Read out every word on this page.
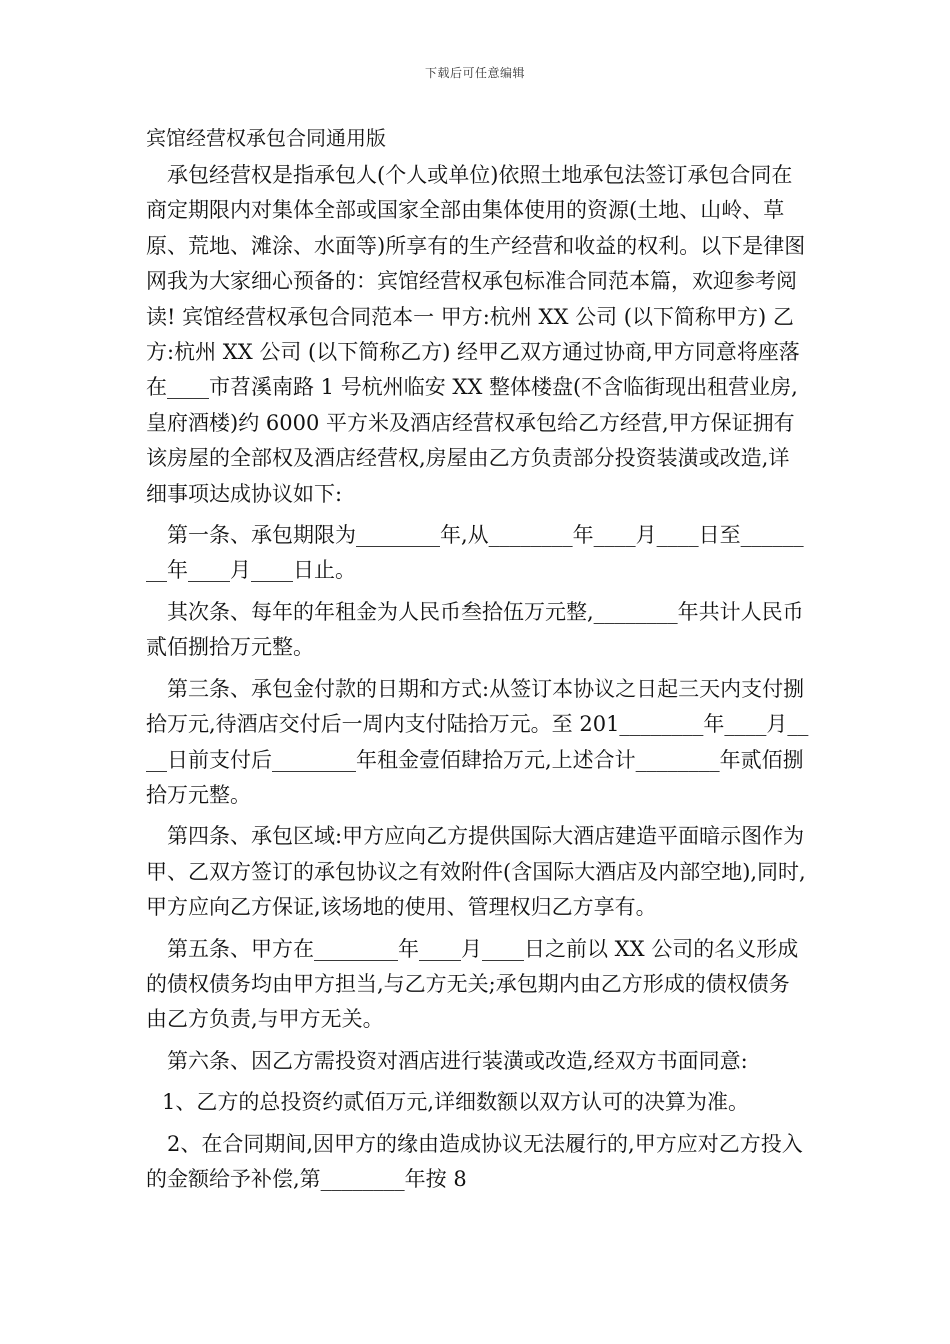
下载后可任意编辑
宾馆经营权承包合同通用版

承包经营权是指承包人(个人或单位)依照土地承包法签订承包合同在商定期限内对集体全部或国家全部由集体使用的资源(土地、山岭、草原、荒地、滩涂、水面等)所享有的生产经营和收益的权利。以下是律图网我为大家细心预备的：宾馆经营权承包标准合同范本篇，欢迎参考阅读! 宾馆经营权承包合同范本一 甲方:杭州 XX 公司 (以下简称甲方) 乙方:杭州 XX 公司 (以下简称乙方) 经甲乙双方通过协商,甲方同意将座落在____市苕溪南路 1 号杭州临安 XX 整体楼盘(不含临街现出租营业房,皇府酒楼)约 6000 平方米及酒店经营权承包给乙方经营,甲方保证拥有该房屋的全部权及酒店经营权,房屋由乙方负责部分投资装潢或改造,详细事项达成协议如下:

第一条、承包期限为________年,从________年____月____日至________年____月____日止。

其次条、每年的年租金为人民币叁拾伍万元整,________年共计人民币贰佰捌拾万元整。

第三条、承包金付款的日期和方式:从签订本协议之日起三天内支付捌拾万元,待酒店交付后一周内支付陆拾万元。至 201________年____月____日前支付后________年租金壹佰肆拾万元,上述合计________年贰佰捌拾万元整。

第四条、承包区域:甲方应向乙方提供国际大酒店建造平面暗示图作为甲、乙双方签订的承包协议之有效附件(含国际大酒店及内部空地),同时,甲方应向乙方保证,该场地的使用、管理权归乙方享有。

第五条、甲方在________年____月____日之前以 XX 公司的名义形成的债权债务均由甲方担当,与乙方无关;承包期内由乙方形成的债权债务由乙方负责,与甲方无关。

第六条、因乙方需投资对酒店进行装潢或改造,经双方书面同意:

1、乙方的总投资约贰佰万元,详细数额以双方认可的决算为准。

2、在合同期间,因甲方的缘由造成协议无法履行的,甲方应对乙方投入的金额给予补偿,第________年按 8
